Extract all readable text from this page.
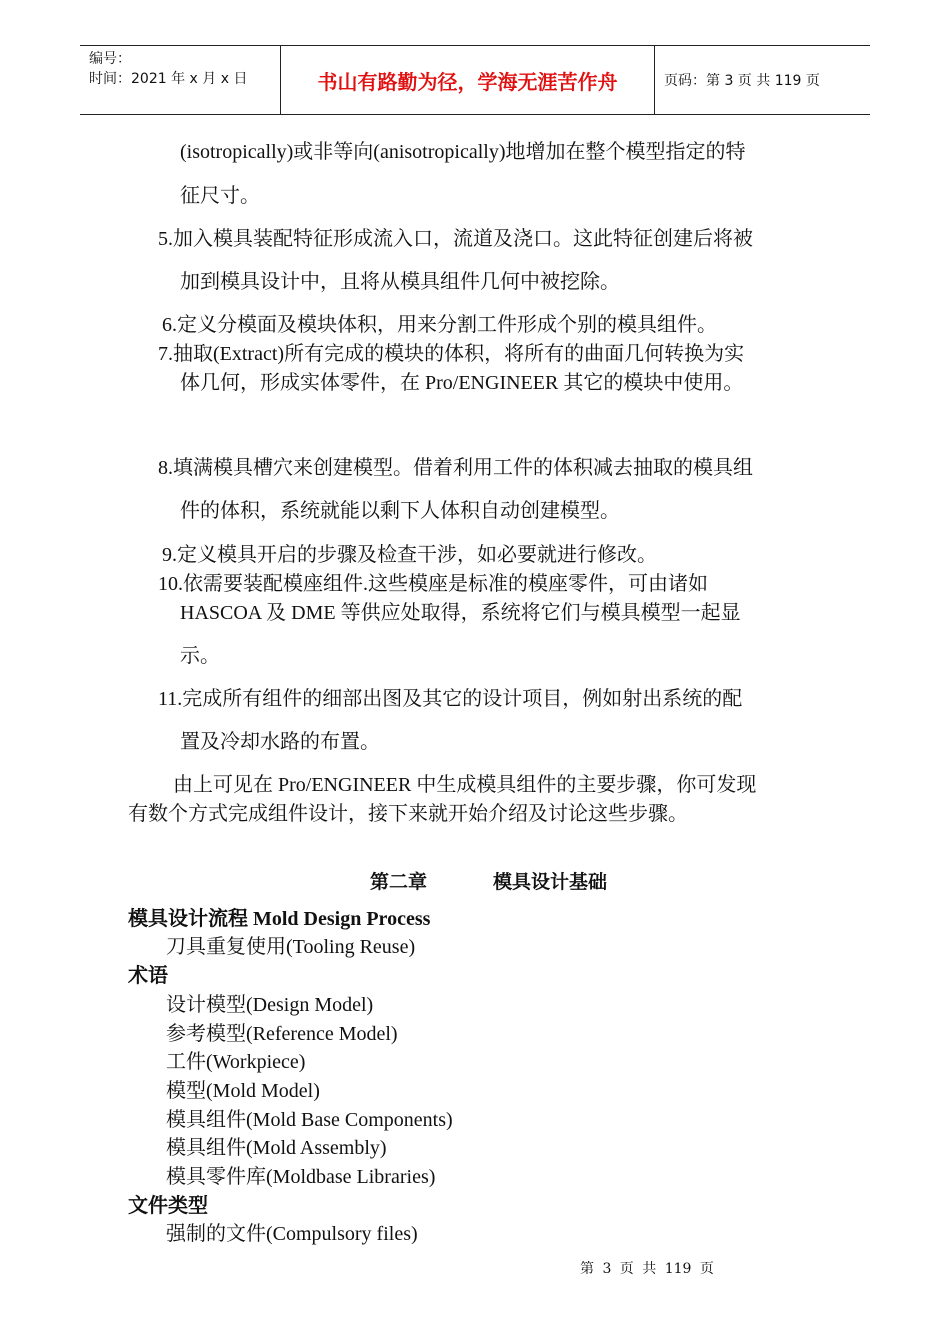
编号：
时间：2021 年 x 月 x 日	书山有路勤为径，学海无涯苦作舟	页码：第 3 页 共 119 页
(isotropically)或非等向(anisotropically)地增加在整个模型指定的特
征尺寸。
5.加入模具装配特征形成流入口，流道及浇口。这此特征创建后将被
加到模具设计中，且将从模具组件几何中被挖除。
6.定义分模面及模块体积，用来分割工件形成个别的模具组件。
7.抽取(Extract)所有完成的模块的体积，将所有的曲面几何转换为实
体几何，形成实体零件，在 Pro/ENGINEER 其它的模块中使用。
8.填满模具槽穴来创建模型。借着利用工件的体积减去抽取的模具组
件的体积，系统就能以剩下人体积自动创建模型。
9.定义模具开启的步骤及检查干涉，如必要就进行修改。
10.依需要装配模座组件.这些模座是标准的模座零件，可由诸如
HASCOA 及 DME 等供应处取得，系统将它们与模具模型一起显
示。
11.完成所有组件的细部出图及其它的设计项目，例如射出系统的配
置及冷却水路的布置。
由上可见在 Pro/ENGINEER 中生成模具组件的主要步骤，你可发现
有数个方式完成组件设计，接下来就开始介绍及讨论这些步骤。
第二章	模具设计基础
模具设计流程 Mold Design Process
刀具重复使用(Tooling Reuse)
术语
设计模型(Design Model)
参考模型(Reference Model)
工件(Workpiece)
模型(Mold Model)
模具组件(Mold Base Components)
模具组件(Mold Assembly)
模具零件库(Moldbase Libraries)
文件类型
强制的文件(Compulsory files)
第 3 页 共 119 页
